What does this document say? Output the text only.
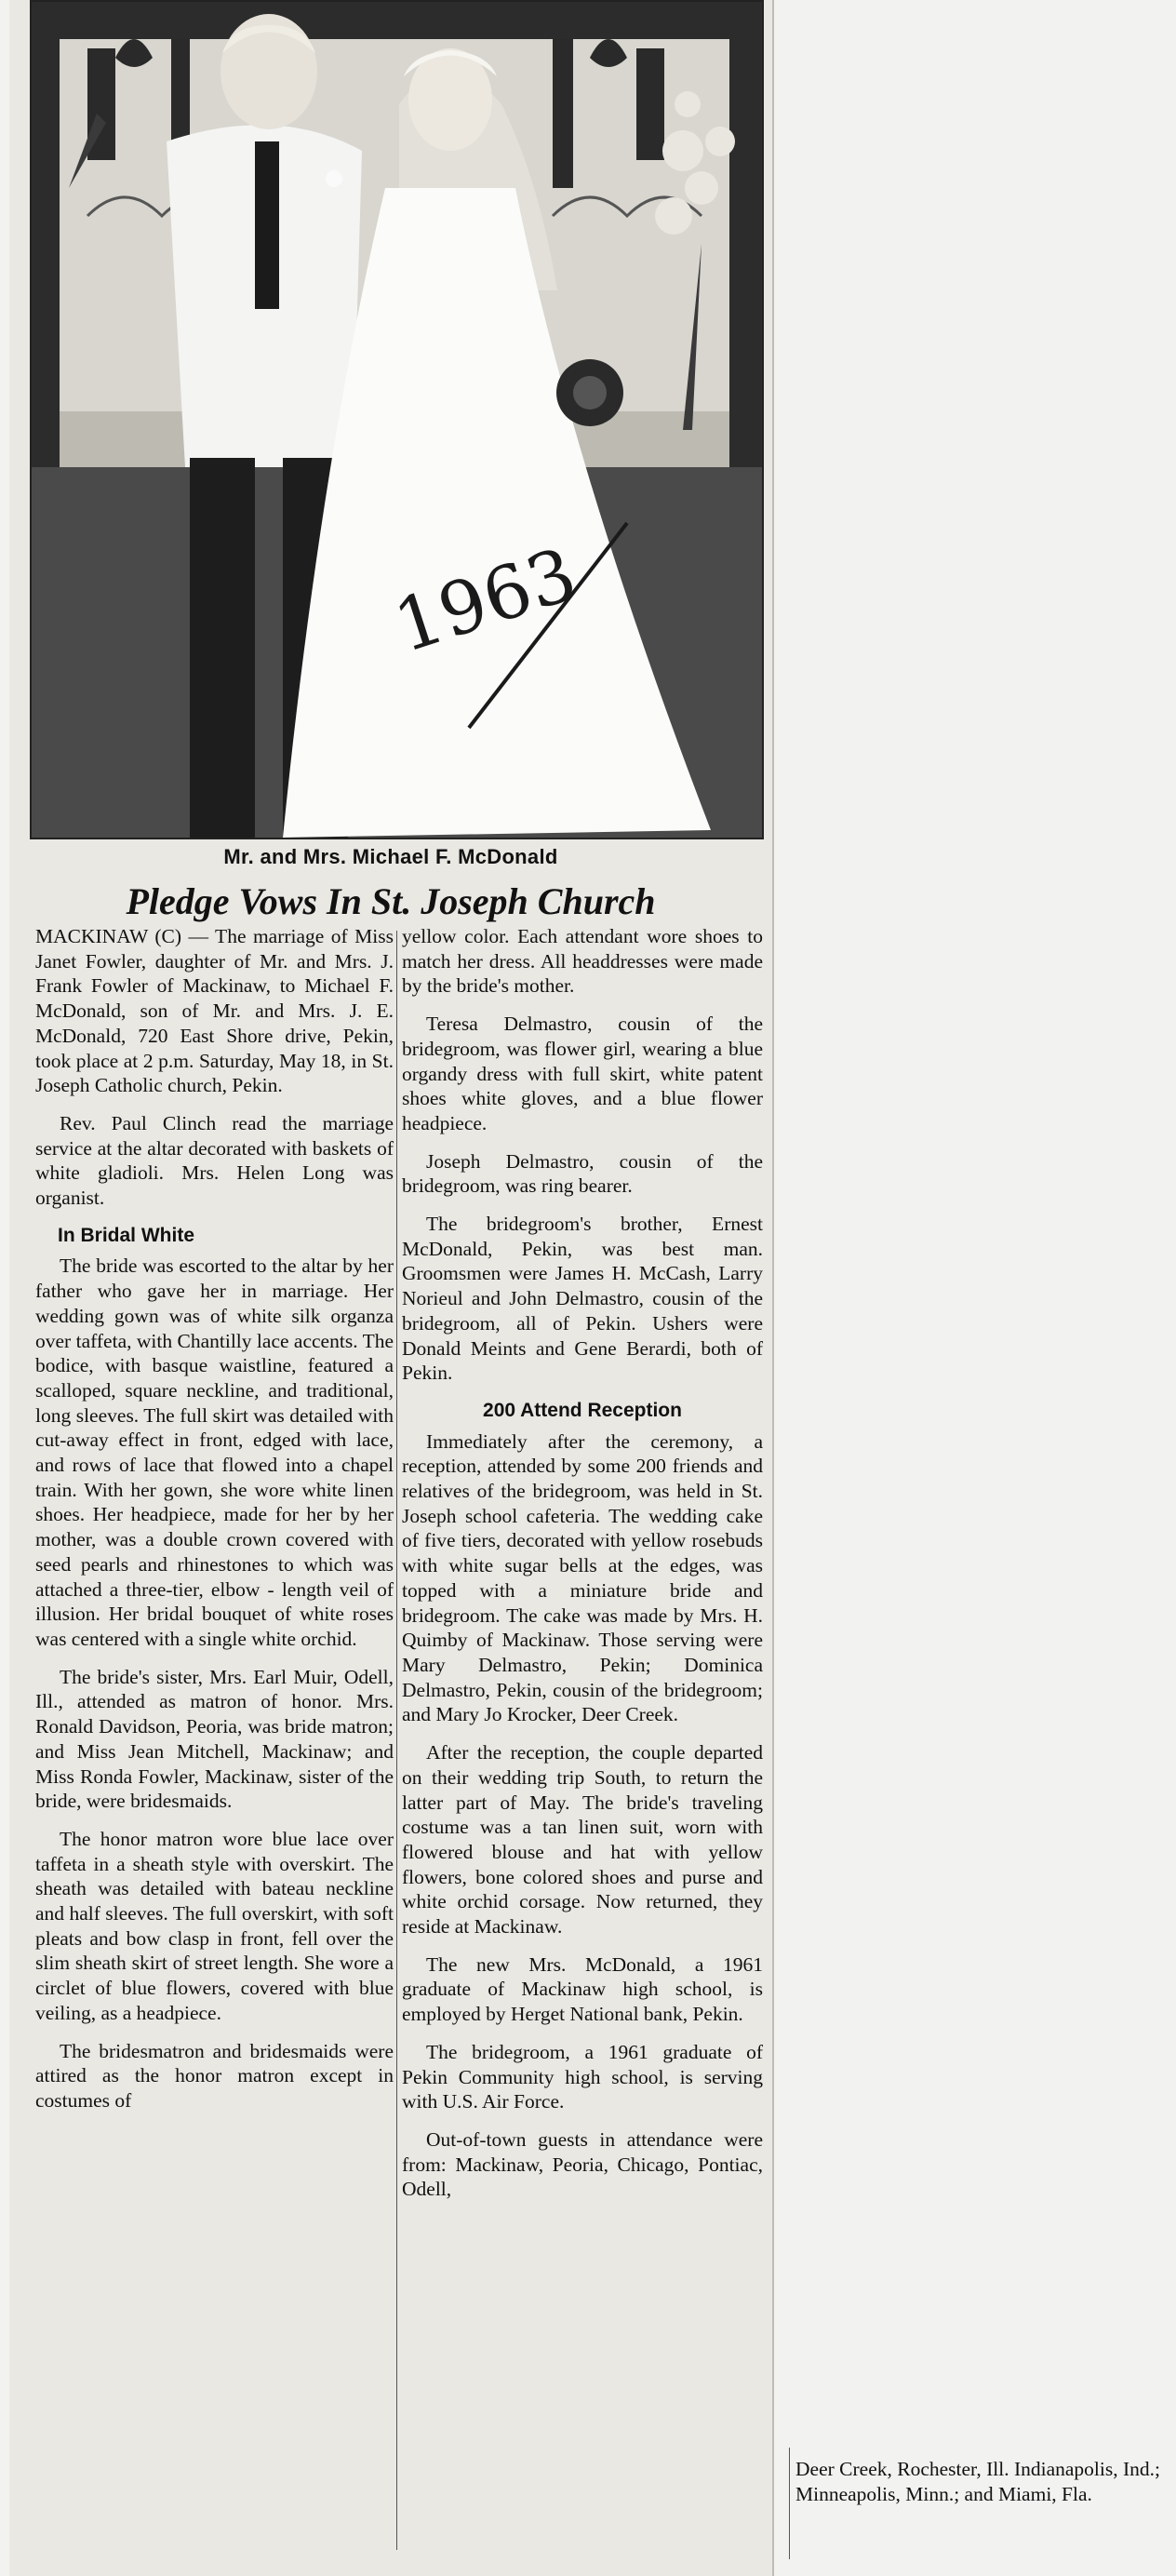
1963
Mr. and Mrs. Michael F. McDonald
Pledge Vows In St. Joseph Church

MACKINAW (C) — The marriage of Miss Janet Fowler, daughter of Mr. and Mrs. J. Frank Fowler of Mackinaw, to Michael F. McDonald, son of Mr. and Mrs. J. E. McDonald, 720 East Shore drive, Pekin, took place at 2 p.m. Saturday, May 18, in St. Joseph Catholic church, Pekin.

Rev. Paul Clinch read the marriage service at the altar decorated with baskets of white gladioli. Mrs. Helen Long was organist.

In Bridal White

The bride was escorted to the altar by her father who gave her in marriage. Her wedding gown was of white silk organza over taffeta, with Chantilly lace accents. The bodice, with basque waistline, featured a scalloped, square neckline, and traditional, long sleeves. The full skirt was detailed with cut-away effect in front, edged with lace, and rows of lace that flowed into a chapel train. With her gown, she wore white linen shoes. Her headpiece, made for her by her mother, was a double crown covered with seed pearls and rhinestones to which was attached a three-tier, elbow - length veil of illusion. Her bridal bouquet of white roses was centered with a single white orchid.

The bride's sister, Mrs. Earl Muir, Odell, Ill., attended as matron of honor. Mrs. Ronald Davidson, Peoria, was bride matron; and Miss Jean Mitchell, Mackinaw; and Miss Ronda Fowler, Mackinaw, sister of the bride, were bridesmaids.

The honor matron wore blue lace over taffeta in a sheath style with overskirt. The sheath was detailed with bateau neckline and half sleeves. The full overskirt, with soft pleats and bow clasp in front, fell over the slim sheath skirt of street length. She wore a circlet of blue flowers, covered with blue veiling, as a headpiece.

The bridesmatron and bridesmaids were attired as the honor matron except in costumes of

yellow color. Each attendant wore shoes to match her dress. All headdresses were made by the bride's mother.

Teresa Delmastro, cousin of the bridegroom, was flower girl, wearing a blue organdy dress with full skirt, white patent shoes white gloves, and a blue flower headpiece.

Joseph Delmastro, cousin of the bridegroom, was ring bearer.

The bridegroom's brother, Ernest McDonald, Pekin, was best man. Groomsmen were James H. McCash, Larry Norieul and John Delmastro, cousin of the bridegroom, all of Pekin. Ushers were Donald Meints and Gene Berardi, both of Pekin.

200 Attend Reception

Immediately after the ceremony, a reception, attended by some 200 friends and relatives of the bridegroom, was held in St. Joseph school cafeteria. The wedding cake of five tiers, decorated with yellow rosebuds with white sugar bells at the edges, was topped with a miniature bride and bridegroom. The cake was made by Mrs. H. Quimby of Mackinaw. Those serving were Mary Delmastro, Pekin; Dominica Delmastro, Pekin, cousin of the bridegroom; and Mary Jo Krocker, Deer Creek.

After the reception, the couple departed on their wedding trip South, to return the latter part of May. The bride's traveling costume was a tan linen suit, worn with flowered blouse and hat with yellow flowers, bone colored shoes and purse and white orchid corsage. Now returned, they reside at Mackinaw.

The new Mrs. McDonald, a 1961 graduate of Mackinaw high school, is employed by Herget National bank, Pekin.

The bridegroom, a 1961 graduate of Pekin Community high school, is serving with U.S. Air Force.

Out-of-town guests in attendance were from: Mackinaw, Peoria, Chicago, Pontiac, Odell,

Deer Creek, Rochester, Ill. Indianapolis, Ind.; Minneapolis, Minn.; and Miami, Fla.
